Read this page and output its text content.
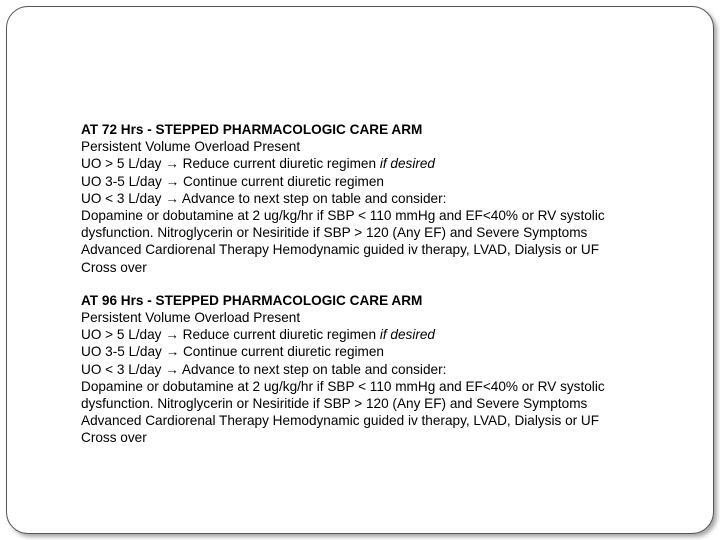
AT 72 Hrs - STEPPED PHARMACOLOGIC CARE ARM
Persistent Volume Overload Present
UO > 5 L/day → Reduce current diuretic regimen if desired
UO 3-5 L/day → Continue current diuretic regimen
UO < 3 L/day → Advance to next step on table and consider:
Dopamine or dobutamine at 2 ug/kg/hr if SBP < 110 mmHg and EF<40% or RV systolic
dysfunction. Nitroglycerin or Nesiritide if SBP > 120 (Any EF) and Severe Symptoms
Advanced Cardiorenal Therapy Hemodynamic guided iv therapy, LVAD, Dialysis or UF
Cross over
AT 96 Hrs - STEPPED PHARMACOLOGIC CARE ARM
Persistent Volume Overload Present
UO > 5 L/day → Reduce current diuretic regimen if desired
UO 3-5 L/day → Continue current diuretic regimen
UO < 3 L/day → Advance to next step on table and consider:
Dopamine or dobutamine at 2 ug/kg/hr if SBP < 110 mmHg and EF<40% or RV systolic
dysfunction. Nitroglycerin or Nesiritide if SBP > 120 (Any EF) and Severe Symptoms
Advanced Cardiorenal Therapy Hemodynamic guided iv therapy, LVAD, Dialysis or UF
Cross over
